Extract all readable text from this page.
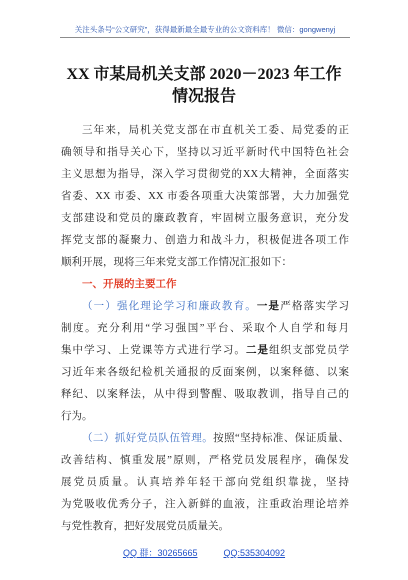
关注头条号“公文研究”，获得最新最全最专业的公文资料库！ 微信：gongwenyj
XX 市某局机关支部 2020－2023 年工作
情况报告
三年来，局机关党支部在市直机关工委、局党委的正
确领导和指导关心下，坚持以习近平新时代中国特色社会
主义思想为指导，深入学习贯彻党的XX大精神，全面落实
省委、XX 市委、XX 市委各项重大决策部署，大力加强党
支部建设和党员的廉政教育，牢固树立服务意识，充分发
挥党支部的凝聚力、创造力和战斗力，积极促进各项工作
顺利开展，现将三年来党支部工作情况汇报如下：
一、开展的主要工作
（一）强化理论学习和廉政教育。一是严格落实学习
制度。充分利用“学习强国”平台、采取个人自学和每月
集中学习、上党课等方式进行学习。二是组织支部党员学
习近年来各级纪检机关通报的反面案例，以案释德、以案
释纪、以案释法，从中得到警醒、吸取教训，指导自己的
行为。
（二）抓好党员队伍管理。按照“坚持标准、保证质量、
改善结构、慎重发展”原则，严格党员发展程序，确保发
展党员质量。认真培养年轻干部向党组织靠拢，坚持
为党吸收优秀分子，注入新鲜的血液，注重政治理论培养
与党性教育，把好发展党员质量关。
QQ 群：30265665	QQ:535304092
